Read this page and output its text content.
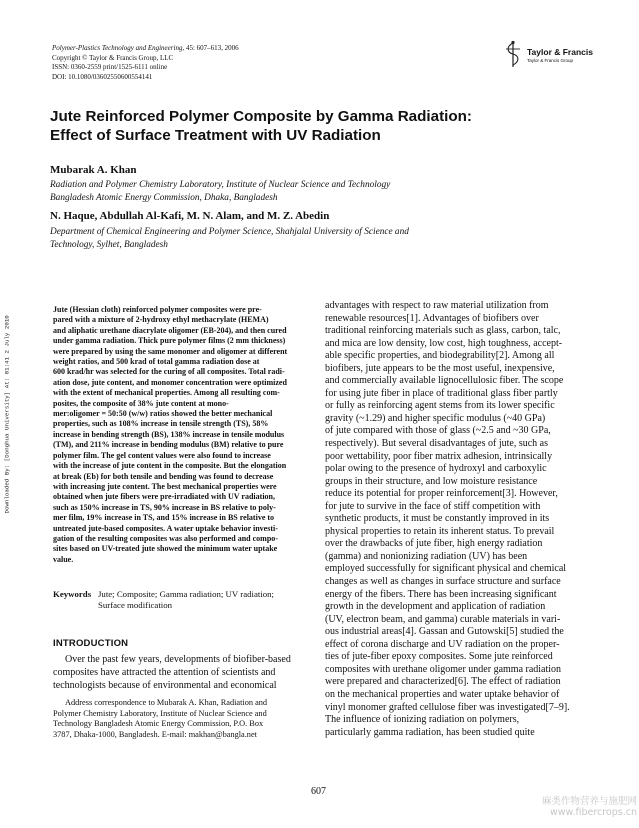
Polymer-Plastics Technology and Engineering, 45: 607–613, 2006
Copyright © Taylor & Francis Group, LLC
ISSN: 0360-2559 print/1525-6111 online
DOI: 10.1080/03602550600554141
Taylor & Francis
Taylor & Francis Group
Downloaded By: [Donghua University] At: 01:41 2 July 2010
Jute Reinforced Polymer Composite by Gamma Radiation:
Effect of Surface Treatment with UV Radiation
Mubarak A. Khan
Radiation and Polymer Chemistry Laboratory, Institute of Nuclear Science and Technology
Bangladesh Atomic Energy Commission, Dhaka, Bangladesh
N. Haque, Abdullah Al-Kafi, M. N. Alam, and M. Z. Abedin
Department of Chemical Engineering and Polymer Science, Shahjalal University of Science and
Technology, Sylhet, Bangladesh
Jute (Hessian cloth) reinforced polymer composites were pre-
pared with a mixture of 2-hydroxy ethyl methacrylate (HEMA)
and aliphatic urethane diacrylate oligomer (EB-204), and then cured
under gamma radiation. Thick pure polymer films (2 mm thickness)
were prepared by using the same monomer and oligomer at different
weight ratios, and 500 krad of total gamma radiation dose at
600 krad/hr was selected for the curing of all composites. Total radi-
ation dose, jute content, and monomer concentration were optimized
with the extent of mechanical properties. Among all resulting com-
posites, the composite of 38% jute content at mono-
mer:oligomer = 50:50 (w/w) ratios showed the better mechanical
properties, such as 108% increase in tensile strength (TS), 58%
increase in bending strength (BS), 138% increase in tensile modulus
(TM), and 211% increase in bending modulus (BM) relative to pure
polymer film. The gel content values were also found to increase
with the increase of jute content in the composite. But the elongation
at break (Eb) for both tensile and bending was found to decrease
with increasing jute content. The best mechanical properties were
obtained when jute fibers were pre-irradiated with UV radiation,
such as 150% increase in TS, 90% increase in BS relative to poly-
mer film, 19% increase in TS, and 15% increase in BS relative to
untreated jute-based composites. A water uptake behavior investi-
gation of the resulting composites was also performed and compo-
sites based on UV-treated jute showed the minimum water uptake
value.
Keywords Jute; Composite; Gamma radiation; UV radiation;
Surface modification
INTRODUCTION
Over the past few years, developments of biofiber-based
composites have attracted the attention of scientists and
technologists because of environmental and economical
Address correspondence to Mubarak A. Khan, Radiation and
Polymer Chemistry Laboratory, Institute of Nuclear Science and
Technology Bangladesh Atomic Energy Commission, P.O. Box
3787, Dhaka-1000, Bangladesh. E-mail: makhan@bangla.net
advantages with respect to raw material utilization from
renewable resources[1]. Advantages of biofibers over
traditional reinforcing materials such as glass, carbon, talc,
and mica are low density, low cost, high toughness, accept-
able specific properties, and biodegrability[2]. Among all
biofibers, jute appears to be the most useful, inexpensive,
and commercially available lignocellulosic fiber. The scope
for using jute fiber in place of traditional glass fiber partly
or fully as reinforcing agent stems from its lower specific
gravity (~1.29) and higher specific modulus (~40 GPa)
of jute compared with those of glass (~2.5 and ~30 GPa,
respectively). But several disadvantages of jute, such as
poor wettability, poor fiber matrix adhesion, intrinsically
polar owing to the presence of hydroxyl and carboxylic
groups in their structure, and low moisture resistance
reduce its potential for proper reinforcement[3]. However,
for jute to survive in the face of stiff competition with
synthetic products, it must be constantly improved in its
physical properties to retain its inherent status. To prevail
over the drawbacks of jute fiber, high energy radiation
(gamma) and nonionizing radiation (UV) has been
employed successfully for significant physical and chemical
changes as well as changes in surface structure and surface
energy of the fibers. There has been increasing significant
growth in the development and application of radiation
(UV, electron beam, and gamma) curable materials in vari-
ous industrial areas[4]. Gassan and Gutowski[5] studied the
effect of corona discharge and UV radiation on the proper-
ties of jute-fiber epoxy composites. Some jute reinforced
composites with urethane oligomer under gamma radiation
were prepared and characterized[6]. The effect of radiation
on the mechanical properties and water uptake behavior of
vinyl monomer grafted cellulose fiber was investigated[7–9].
The influence of ionizing radiation on polymers,
particularly gamma radiation, has been studied quite
607
麻类作物营养与施肥网
www.fibercrops.cn
